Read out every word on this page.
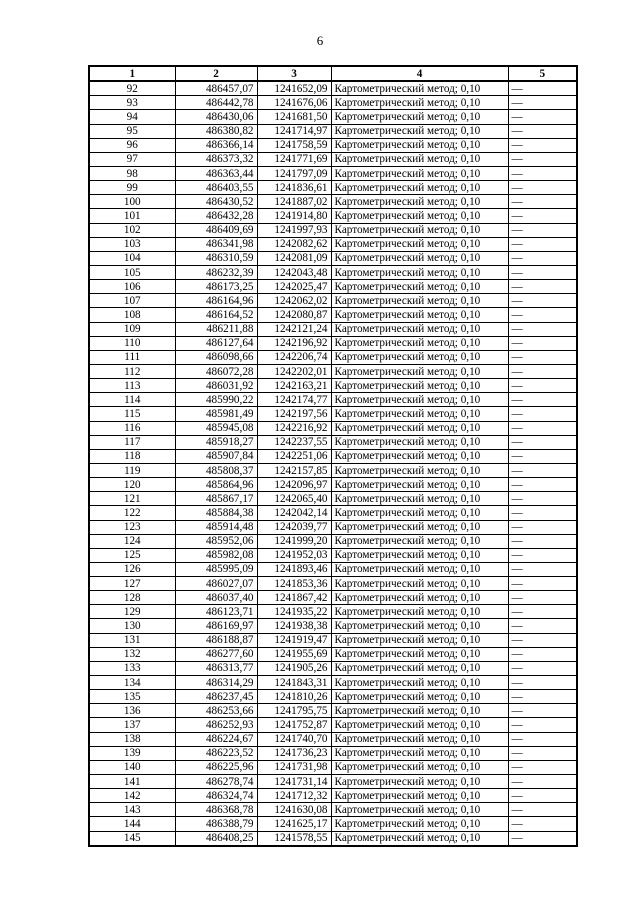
6
1	2	3	4	5
92	486457,07	1241652,09	Картометрический метод; 0,10	—
93	486442,78	1241676,06	Картометрический метод; 0,10	—
94	486430,06	1241681,50	Картометрический метод; 0,10	—
95	486380,82	1241714,97	Картометрический метод; 0,10	—
96	486366,14	1241758,59	Картометрический метод; 0,10	—
97	486373,32	1241771,69	Картометрический метод; 0,10	—
98	486363,44	1241797,09	Картометрический метод; 0,10	—
99	486403,55	1241836,61	Картометрический метод; 0,10	—
100	486430,52	1241887,02	Картометрический метод; 0,10	—
101	486432,28	1241914,80	Картометрический метод; 0,10	—
102	486409,69	1241997,93	Картометрический метод; 0,10	—
103	486341,98	1242082,62	Картометрический метод; 0,10	—
104	486310,59	1242081,09	Картометрический метод; 0,10	—
105	486232,39	1242043,48	Картометрический метод; 0,10	—
106	486173,25	1242025,47	Картометрический метод; 0,10	—
107	486164,96	1242062,02	Картометрический метод; 0,10	—
108	486164,52	1242080,87	Картометрический метод; 0,10	—
109	486211,88	1242121,24	Картометрический метод; 0,10	—
110	486127,64	1242196,92	Картометрический метод; 0,10	—
111	486098,66	1242206,74	Картометрический метод; 0,10	—
112	486072,28	1242202,01	Картометрический метод; 0,10	—
113	486031,92	1242163,21	Картометрический метод; 0,10	—
114	485990,22	1242174,77	Картометрический метод; 0,10	—
115	485981,49	1242197,56	Картометрический метод; 0,10	—
116	485945,08	1242216,92	Картометрический метод; 0,10	—
117	485918,27	1242237,55	Картометрический метод; 0,10	—
118	485907,84	1242251,06	Картометрический метод; 0,10	—
119	485808,37	1242157,85	Картометрический метод; 0,10	—
120	485864,96	1242096,97	Картометрический метод; 0,10	—
121	485867,17	1242065,40	Картометрический метод; 0,10	—
122	485884,38	1242042,14	Картометрический метод; 0,10	—
123	485914,48	1242039,77	Картометрический метод; 0,10	—
124	485952,06	1241999,20	Картометрический метод; 0,10	—
125	485982,08	1241952,03	Картометрический метод; 0,10	—
126	485995,09	1241893,46	Картометрический метод; 0,10	—
127	486027,07	1241853,36	Картометрический метод; 0,10	—
128	486037,40	1241867,42	Картометрический метод; 0,10	—
129	486123,71	1241935,22	Картометрический метод; 0,10	—
130	486169,97	1241938,38	Картометрический метод; 0,10	—
131	486188,87	1241919,47	Картометрический метод; 0,10	—
132	486277,60	1241955,69	Картометрический метод; 0,10	—
133	486313,77	1241905,26	Картометрический метод; 0,10	—
134	486314,29	1241843,31	Картометрический метод; 0,10	—
135	486237,45	1241810,26	Картометрический метод; 0,10	—
136	486253,66	1241795,75	Картометрический метод; 0,10	—
137	486252,93	1241752,87	Картометрический метод; 0,10	—
138	486224,67	1241740,70	Картометрический метод; 0,10	—
139	486223,52	1241736,23	Картометрический метод; 0,10	—
140	486225,96	1241731,98	Картометрический метод; 0,10	—
141	486278,74	1241731,14	Картометрический метод; 0,10	—
142	486324,74	1241712,32	Картометрический метод; 0,10	—
143	486368,78	1241630,08	Картометрический метод; 0,10	—
144	486388,79	1241625,17	Картометрический метод; 0,10	—
145	486408,25	1241578,55	Картометрический метод; 0,10	—
